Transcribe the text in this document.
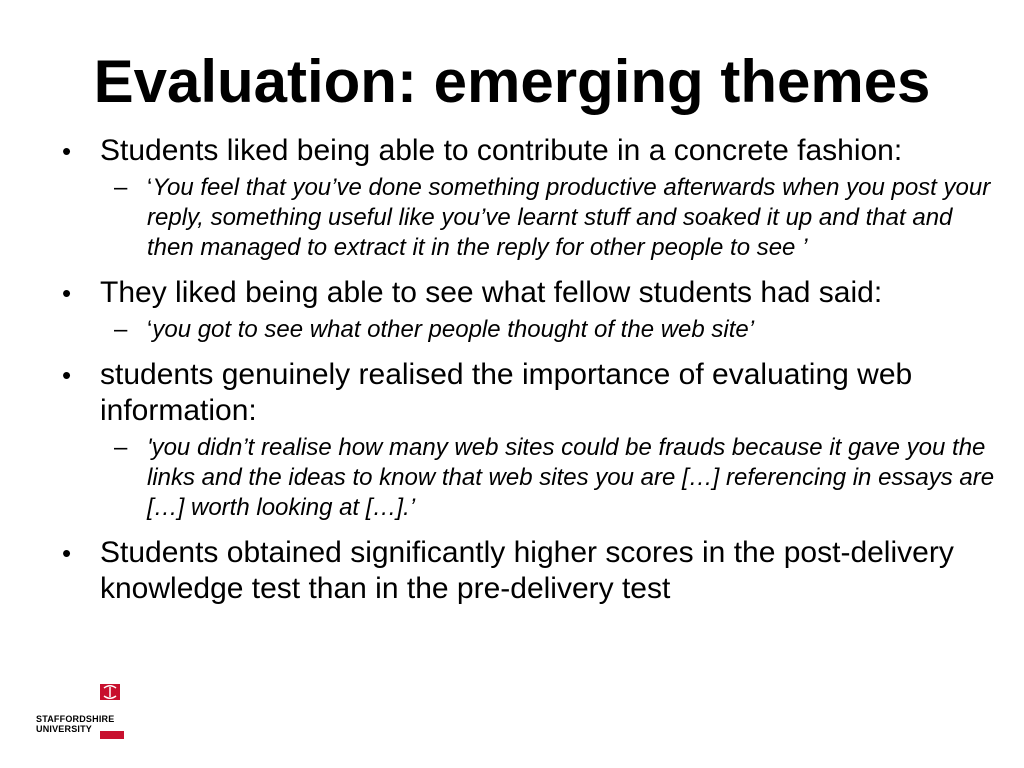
Evaluation: emerging themes
• Students liked being able to contribute in a concrete fashion:
– ‘You feel that you’ve done something productive afterwards when you post your reply, something useful like you’ve learnt stuff and soaked it up and that and then managed to extract it in the reply for other people to see ’
• They liked being able to see what fellow students had said:
– ‘you got to see what other people thought of the web site’
• students genuinely realised the importance of evaluating web information:
– 'you didn’t realise how many web sites could be frauds because it gave you the links and the ideas to know that web sites you are […] referencing in essays are […] worth looking at […].’
• Students obtained significantly higher scores in the post-delivery knowledge test than in the pre-delivery test
STAFFORDSHIRE
UNIVERSITY
